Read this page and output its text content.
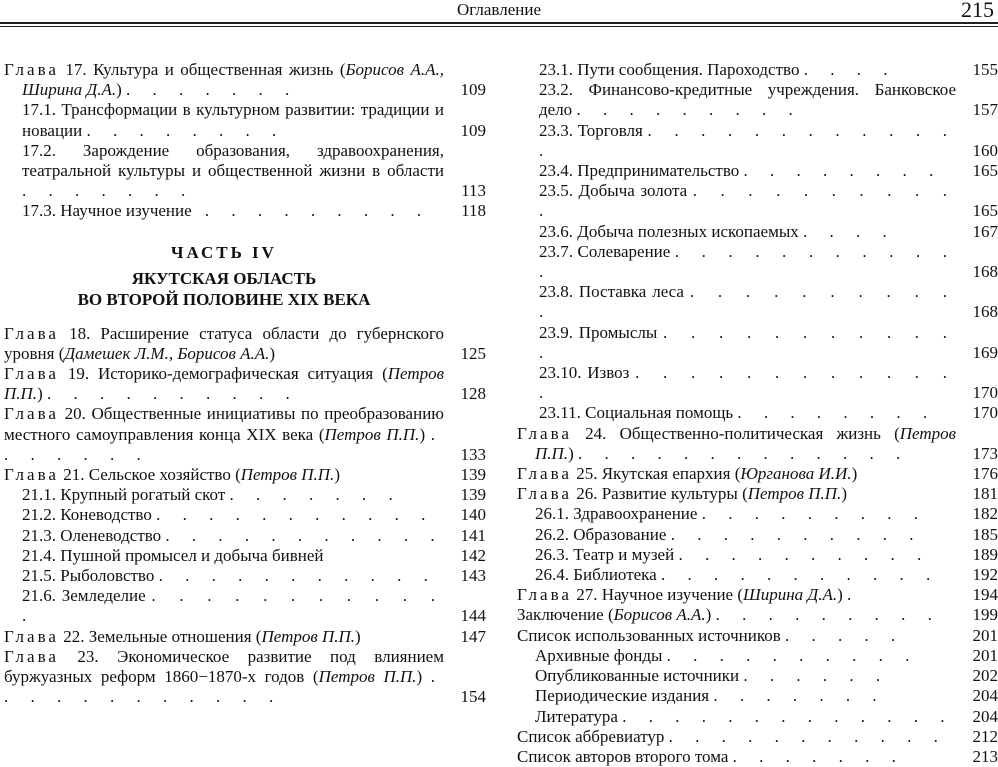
Оглавление	215
Глава 17. Культура и общественная жизнь (Борисов А.А., Ширина Д.А.) . . . . . . .	109
17.1. Трансформации в культурном развитии: традиции и новации . . . . . . . .	109
17.2. Зарождение образования, здравоохранения, театральной культуры и общественной жизни в области . . . . . . .	113
17.3. Научное изучение . . . . . . . . .	118
ЧАСТЬ IV
ЯКУТСКАЯ ОБЛАСТЬ
ВО ВТОРОЙ ПОЛОВИНЕ XIX ВЕКА
Глава 18. Расширение статуса области до губернского уровня (Дамешек Л.М., Борисов А.А.)	125
Глава 19. Историко-демографическая ситуация (Петров П.П.) . . . . . . . . . .	128
Глава 20. Общественные инициативы по преобразованию местного самоуправления конца XIX века (Петров П.П.) . . . . . . .	133
Глава 21. Сельское хозяйство (Петров П.П.)	139
21.1. Крупный рогатый скот . . . . . . .	139
21.2. Коневодство . . . . . . . . . . .	140
21.3. Оленеводство . . . . . . . . . . . 141
21.4. Пушной промысел и добыча бивней	142
21.5. Рыболовство . . . . . . . . . . .	143
21.6. Земледелие . . . . . . . . . . . .	144
Глава 22. Земельные отношения (Петров П.П.)	147
Глава 23. Экономическое развитие под влиянием буржуазных реформ 1860−1870-х годов (Петров П.П.) . . . . . . . . . . . .	154
23.1. Пути сообщения. Пароходство . . . .	155
23.2. Финансово-кредитные учреждения. Банковское дело . . . . . . . . .	157
23.3. Торговля . . . . . . . . . . . . .	160
23.4. Предпринимательство . . . . . . . .	165
23.5. Добыча золота . . . . . . . . . . .	165
23.6. Добыча полезных ископаемых . . . .	167
23.7. Солеварение . . . . . . . . . . . .	168
23.8. Поставка леса . . . . . . . . . . .	168
23.9. Промыслы . . . . . . . . . . . .	169
23.10. Извоз . . . . . . . . . . . . .	170
23.11. Социальная помощь . . . . . . . .	170
Глава 24. Общественно-политическая жизнь (Петров П.П.) . . . . . . . . . . . . .	173
Глава 25. Якутская епархия (Юрганова И.И.)	176
Глава 26. Развитие культуры (Петров П.П.)	181
26.1. Здравоохранение . . . . . . . . .	182
26.2. Образование . . . . . . . . . .	185
26.3. Театр и музей . . . . . . . . . .	189
26.4. Библиотека . . . . . . . . . . .	192
Глава 27. Научное изучение (Ширина Д.А.) .	194
Заключение (Борисов А.А.) . . . . . . . . .	199
Список использованных источников . . . . .	201
Архивные фонды . . . . . . . . . .	201
Опубликованные источники . . . . . .	202
Периодические издания . . . . . . .	204
Литература . . . . . . . . . . . . .	204
Список аббревиатур . . . . . . . . . . .	212
Список авторов второго тома . . . . . . .	213
